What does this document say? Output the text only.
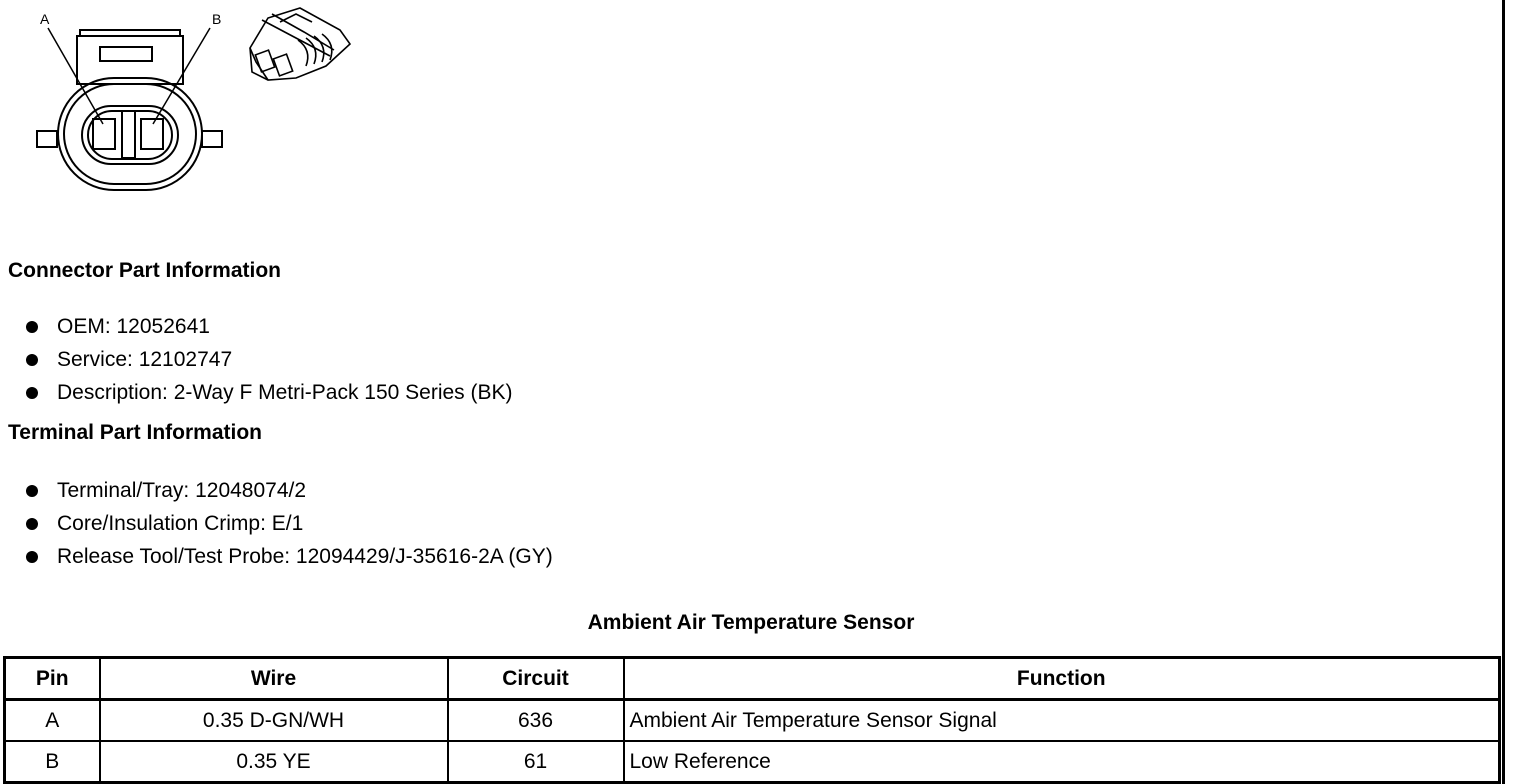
A	B
Connector Part Information
OEM: 12052641
Service: 12102747
Description: 2-Way F Metri-Pack 150 Series (BK)
Terminal Part Information
Terminal/Tray: 12048074/2
Core/Insulation Crimp: E/1
Release Tool/Test Probe: 12094429/J-35616-2A (GY)
Ambient Air Temperature Sensor
Pin	Wire	Circuit	Function
A	0.35 D-GN/WH	636	Ambient Air Temperature Sensor Signal
B	0.35 YE	61	Low Reference
